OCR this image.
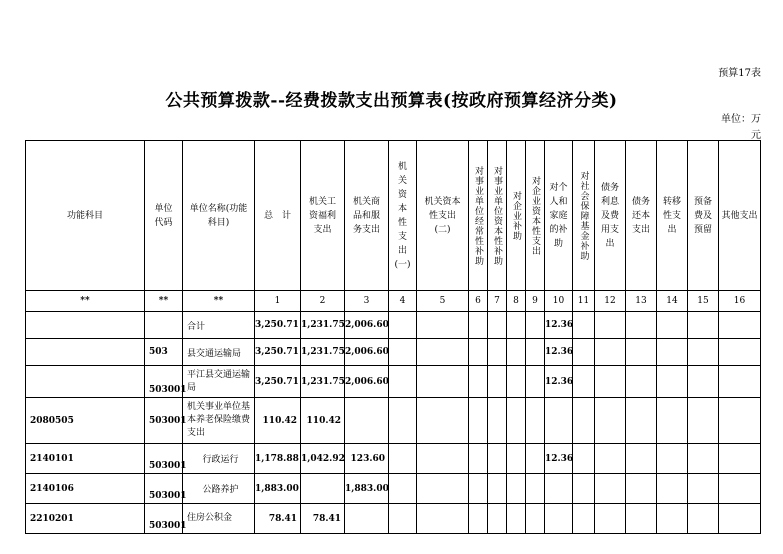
预算17表
公共预算拨款--经费拨款支出预算表(按政府预算经济分类)
单位：万元
功能科目	单位代码	单位名称(功能科目)	总　计	机关工资福利支出	机关商品和服务支出	机关资本性支出(一)	机关资本性支出(二)	对事业单位经常性补助	对事业单位资本性补助	对企业补助	对企业资本性支出	对个人和家庭的补助	对社会保障基金补助	债务利息及费用支出	债务还本支出	转移性支出	预备费及预留	其他支出
**	**	**	1	2	3	4	5	6	7	8	9	10	11	12	13	14	15	16
		合计	3,250.71	1,231.75	2,006.60							12.36						
	503	县交通运输局	3,250.71	1,231.75	2,006.60							12.36						
	503001	平江县交通运输局	3,250.71	1,231.75	2,006.60							12.36						
2080505	503001	机关事业单位基本养老保险缴费支出	110.42	110.42														
2140101	503001	行政运行	1,178.88	1,042.92	123.60							12.36						
2140106	503001	公路养护	1,883.00		1,883.00													
2210201	503001	住房公积金	78.41	78.41														
